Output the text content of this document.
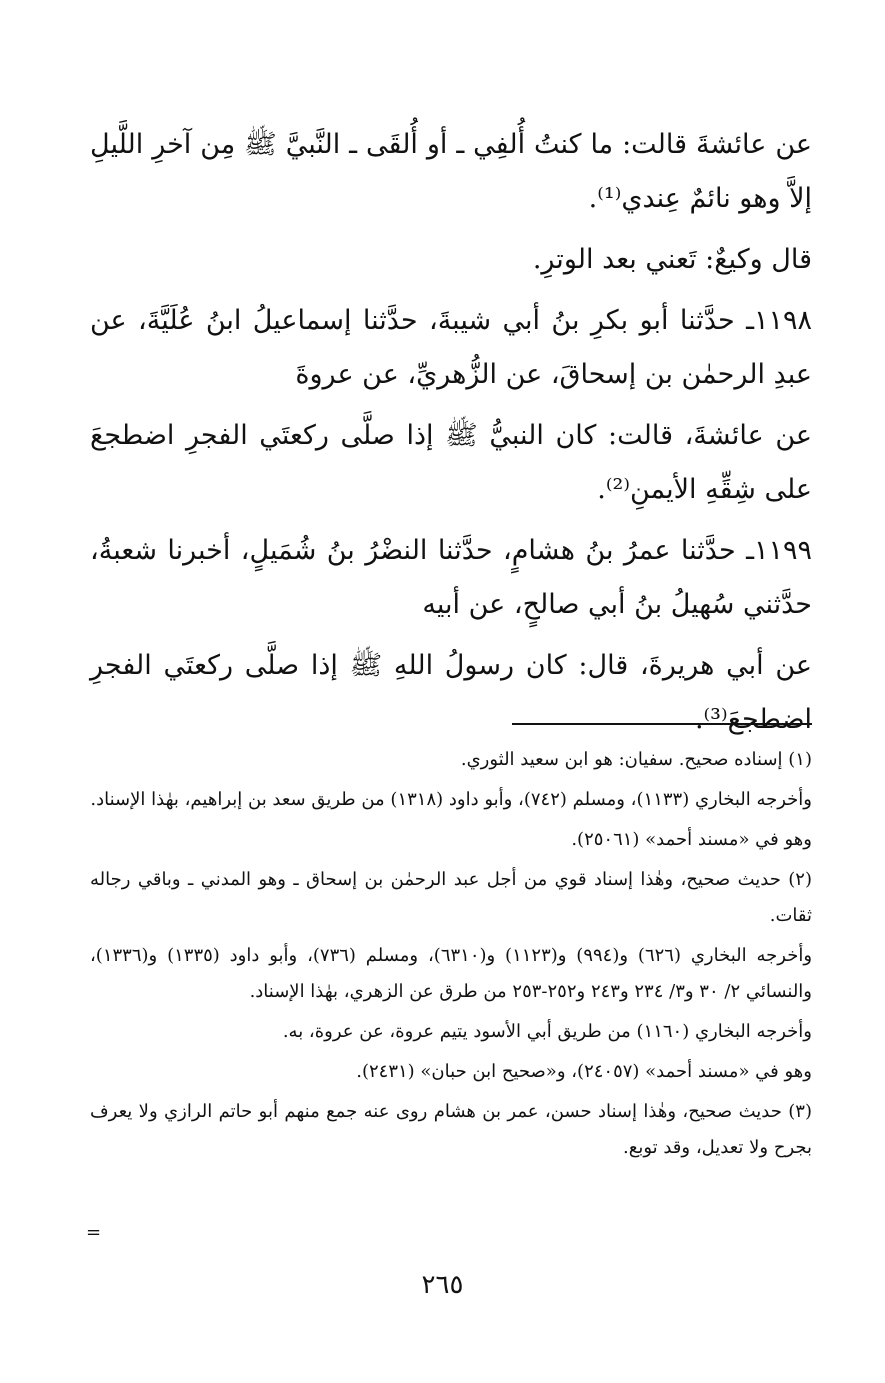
عن عائشةَ قالت: ما كنتُ أُلفِي ـ أو أُلقَى ـ النَّبيَّ ﷺ مِن آخرِ اللَّيلِ إلاَّ وهو نائمٌ عِندي⁽¹⁾.

قال وكيعٌ: تَعني بعد الوترِ.

١١٩٨ـ حدَّثنا أبو بكرِ بنُ أبي شيبةَ، حدَّثنا إسماعيلُ ابنُ عُلَيَّةَ، عن عبدِ الرحمٰن بن إسحاقَ، عن الزُّهريِّ، عن عروةَ

عن عائشةَ، قالت: كان النبيُّ ﷺ إذا صلَّى ركعتَي الفجرِ اضطجعَ على شِقِّهِ الأيمنِ⁽²⁾.

١١٩٩ـ حدَّثنا عمرُ بنُ هشامٍ، حدَّثنا النضْرُ بنُ شُمَيلٍ، أخبرنا شعبةُ، حدَّثني سُهيلُ بنُ أبي صالحٍ، عن أبيه

عن أبي هريرةَ، قال: كان رسولُ اللهِ ﷺ إذا صلَّى ركعتَي الفجرِ اضطجعَ⁽³⁾.

(١) إسناده صحيح. سفيان: هو ابن سعيد الثوري.

وأخرجه البخاري (١١٣٣)، ومسلم (٧٤٢)، وأبو داود (١٣١٨) من طريق سعد بن إبراهيم، بهٰذا الإسناد.

وهو في «مسند أحمد» (٢٥٠٦١).

(٢) حديث صحيح، وهٰذا إسناد قوي من أجل عبد الرحمٰن بن إسحاق ـ وهو المدني ـ وباقي رجاله ثقات.

وأخرجه البخاري (٦٢٦) و(٩٩٤) و(١١٢٣) و(٦٣١٠)، ومسلم (٧٣٦)، وأبو داود (١٣٣٥) و(١٣٣٦)، والنسائي ٢/ ٣٠ و٣/ ٢٣٤ و٢٤٣ و٢٥٢-٢٥٣ من طرق عن الزهري، بهٰذا الإسناد.

وأخرجه البخاري (١١٦٠) من طريق أبي الأسود يتيم عروة، عن عروة، به.

وهو في «مسند أحمد» (٢٤٠٥٧)، و«صحيح ابن حبان» (٢٤٣١).

(٣) حديث صحيح، وهٰذا إسناد حسن، عمر بن هشام روى عنه جمع منهم أبو حاتم الرازي ولا يعرف بجرح ولا تعديل، وقد توبع.

=
٢٦٥
